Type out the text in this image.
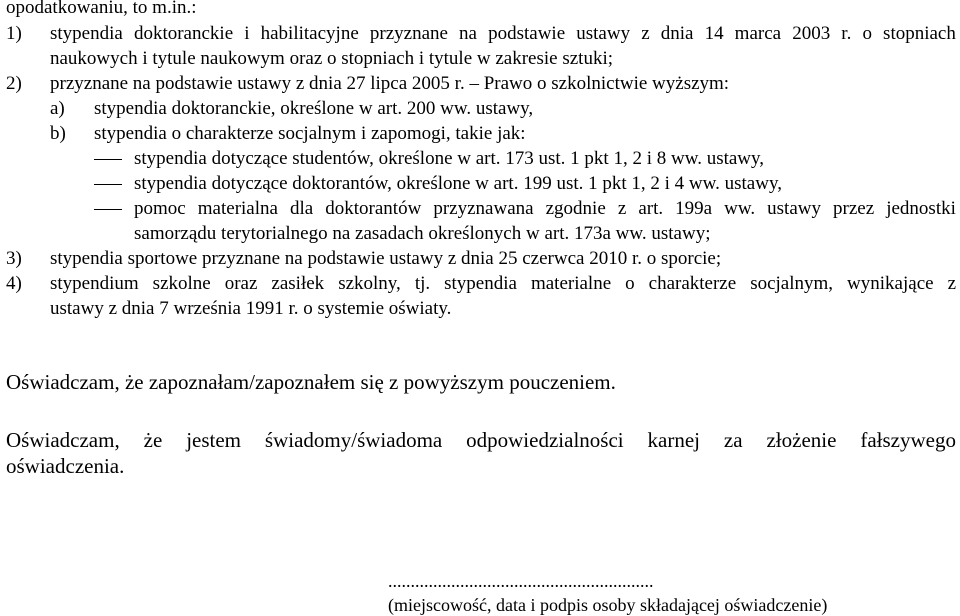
opodatkowaniu, to m.in.:
1) stypendia doktoranckie i habilitacyjne przyznane na podstawie ustawy z dnia 14 marca 2003 r. o stopniach
naukowych i tytule naukowym oraz o stopniach i tytule w zakresie sztuki;
2) przyznane na podstawie ustawy z dnia 27 lipca 2005 r. – Prawo o szkolnictwie wyższym:
a) stypendia doktoranckie, określone w art. 200 ww. ustawy,
b) stypendia o charakterze socjalnym i zapomogi, takie jak:
stypendia dotyczące studentów, określone w art. 173 ust. 1 pkt 1, 2 i 8 ww. ustawy,
stypendia dotyczące doktorantów, określone w art. 199 ust. 1 pkt 1, 2 i 4 ww. ustawy,
pomoc materialna dla doktorantów przyznawana zgodnie z art. 199a ww. ustawy przez jednostki
samorządu terytorialnego na zasadach określonych w art. 173a ww. ustawy;
3) stypendia sportowe przyznane na podstawie ustawy z dnia 25 czerwca 2010 r. o sporcie;
4) stypendium szkolne oraz zasiłek szkolny, tj. stypendia materialne o charakterze socjalnym, wynikające z
ustawy z dnia 7 września 1991 r. o systemie oświaty.
Oświadczam, że zapoznałam/zapoznałem się z powyższym pouczeniem.
Oświadczam, że jestem świadomy/świadoma odpowiedzialności karnej za złożenie fałszywego
oświadczenia.
...........................................................
(miejscowość, data i podpis osoby składającej oświadczenie)
